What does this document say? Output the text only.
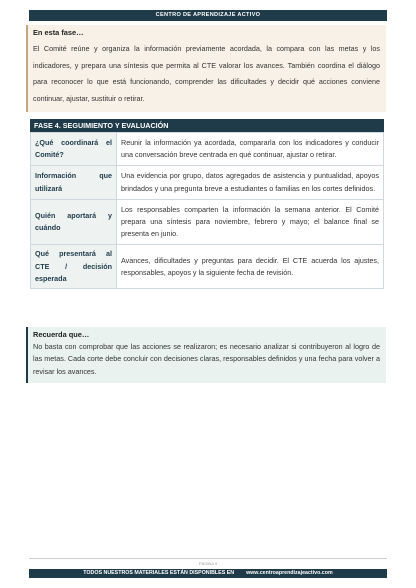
CENTRO DE APRENDIZAJE ACTIVO
En esta fase…
El Comité reúne y organiza la información previamente acordada, la compara con las metas y los indicadores, y prepara una síntesis que permita al CTE valorar los avances. También coordina el diálogo para reconocer lo que está funcionando, comprender las dificultades y decidir qué acciones conviene continuar, ajustar, sustituir o retirar.
FASE 4. SEGUIMIENTO Y EVALUACIÓN
¿Qué coordinará el Comité?	Reunir la información ya acordada, compararla con los indicadores y conducir una conversación breve centrada en qué continuar, ajustar o retirar.
Información que utilizará	Una evidencia por grupo, datos agregados de asistencia y puntualidad, apoyos brindados y una pregunta breve a estudiantes o familias en los cortes definidos.
Quién aportará y cuándo	Los responsables comparten la información la semana anterior. El Comité prepara una síntesis para noviembre, febrero y mayo; el balance final se presenta en junio.
Qué presentará al CTE / decisión esperada	Avances, dificultades y preguntas para decidir. El CTE acuerda los ajustes, responsables, apoyos y la siguiente fecha de revisión.
Recuerda que…
No basta con comprobar que las acciones se realizaron; es necesario analizar si contribuyeron al logro de las metas. Cada corte debe concluir con decisiones claras, responsables definidos y una fecha para volver a revisar los avances.
PÁGINA 9
TODOS NUESTROS MATERIALES ESTÁN DISPONIBLES EN www.centroaprendizajeactivo.com
